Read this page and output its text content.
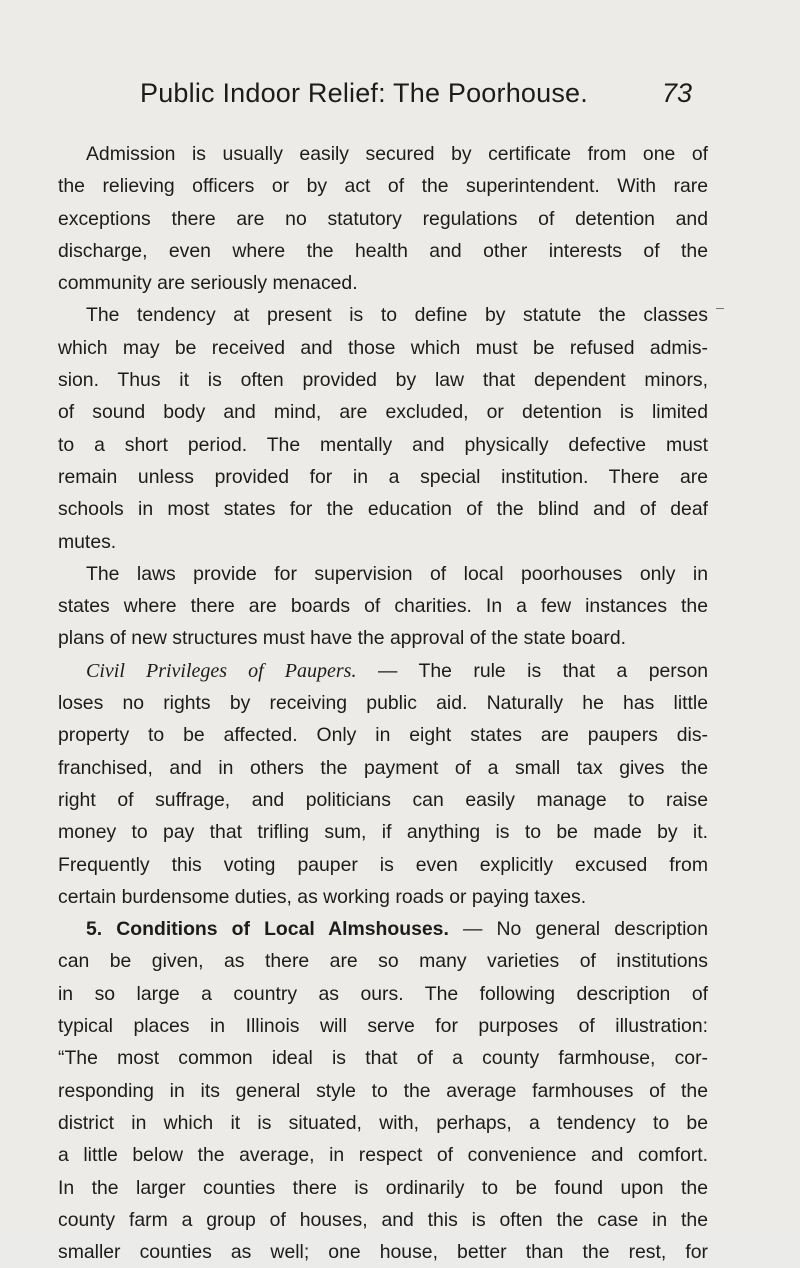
Public Indoor Relief: The Poorhouse.	73
Admission is usually easily secured by certificate from one of
the relieving officers or by act of the superintendent. With rare
exceptions there are no statutory regulations of detention and
discharge, even where the health and other interests of the
community are seriously menaced.
The tendency at present is to define by statute the classes
which may be received and those which must be refused admis-
sion. Thus it is often provided by law that dependent minors,
of sound body and mind, are excluded, or detention is limited
to a short period. The mentally and physically defective must
remain unless provided for in a special institution. There are
schools in most states for the education of the blind and of deaf
mutes.
The laws provide for supervision of local poorhouses only in
states where there are boards of charities. In a few instances the
plans of new structures must have the approval of the state board.
Civil Privileges of Paupers. — The rule is that a person
loses no rights by receiving public aid. Naturally he has little
property to be affected. Only in eight states are paupers dis-
franchised, and in others the payment of a small tax gives the
right of suffrage, and politicians can easily manage to raise
money to pay that trifling sum, if anything is to be made by it.
Frequently this voting pauper is even explicitly excused from
certain burdensome duties, as working roads or paying taxes.
5. Conditions of Local Almshouses. — No general description
can be given, as there are so many varieties of institutions
in so large a country as ours. The following description of
typical places in Illinois will serve for purposes of illustration:
“The most common ideal is that of a county farmhouse, cor-
responding in its general style to the average farmhouses of the
district in which it is situated, with, perhaps, a tendency to be
a little below the average, in respect of convenience and comfort.
In the larger counties there is ordinarily to be found upon the
county farm a group of houses, and this is often the case in the
smaller counties as well; one house, better than the rest, for
